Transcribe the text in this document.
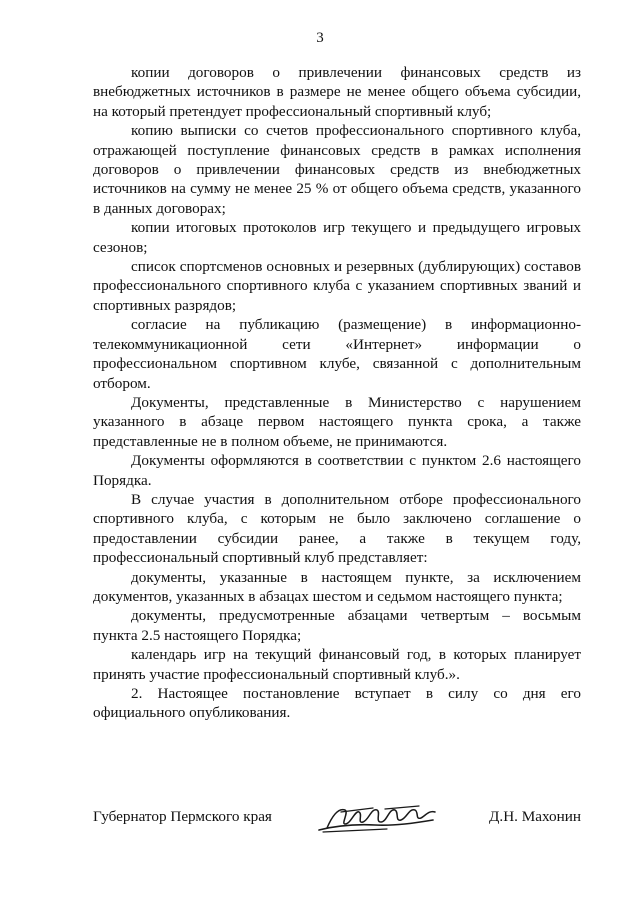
3

копии договоров о привлечении финансовых средств из внебюджетных источников в размере не менее общего объема субсидии, на который претендует профессиональный спортивный клуб;

копию выписки со счетов профессионального спортивного клуба, отражающей поступление финансовых средств в рамках исполнения договоров о привлечении финансовых средств из внебюджетных источников на сумму не менее 25 % от общего объема средств, указанного в данных договорах;

копии итоговых протоколов игр текущего и предыдущего игровых сезонов;

список спортсменов основных и резервных (дублирующих) составов профессионального спортивного клуба с указанием спортивных званий и спортивных разрядов;

согласие на публикацию (размещение) в информационно-телекоммуникационной сети «Интернет» информации о профессиональном спортивном клубе, связанной с дополнительным отбором.

Документы, представленные в Министерство с нарушением указанного в абзаце первом настоящего пункта срока, а также представленные не в полном объеме, не принимаются.

Документы оформляются в соответствии с пунктом 2.6 настоящего Порядка.

В случае участия в дополнительном отборе профессионального спортивного клуба, с которым не было заключено соглашение о предоставлении субсидии ранее, а также в текущем году, профессиональный спортивный клуб представляет:

документы, указанные в настоящем пункте, за исключением документов, указанных в абзацах шестом и седьмом настоящего пункта;

документы, предусмотренные абзацами четвертым – восьмым пункта 2.5 настоящего Порядка;

календарь игр на текущий финансовый год, в которых планирует принять участие профессиональный спортивный клуб.».

2. Настоящее постановление вступает в силу со дня его официального опубликования.

Губернатор Пермского края	Д.Н. Махонин
